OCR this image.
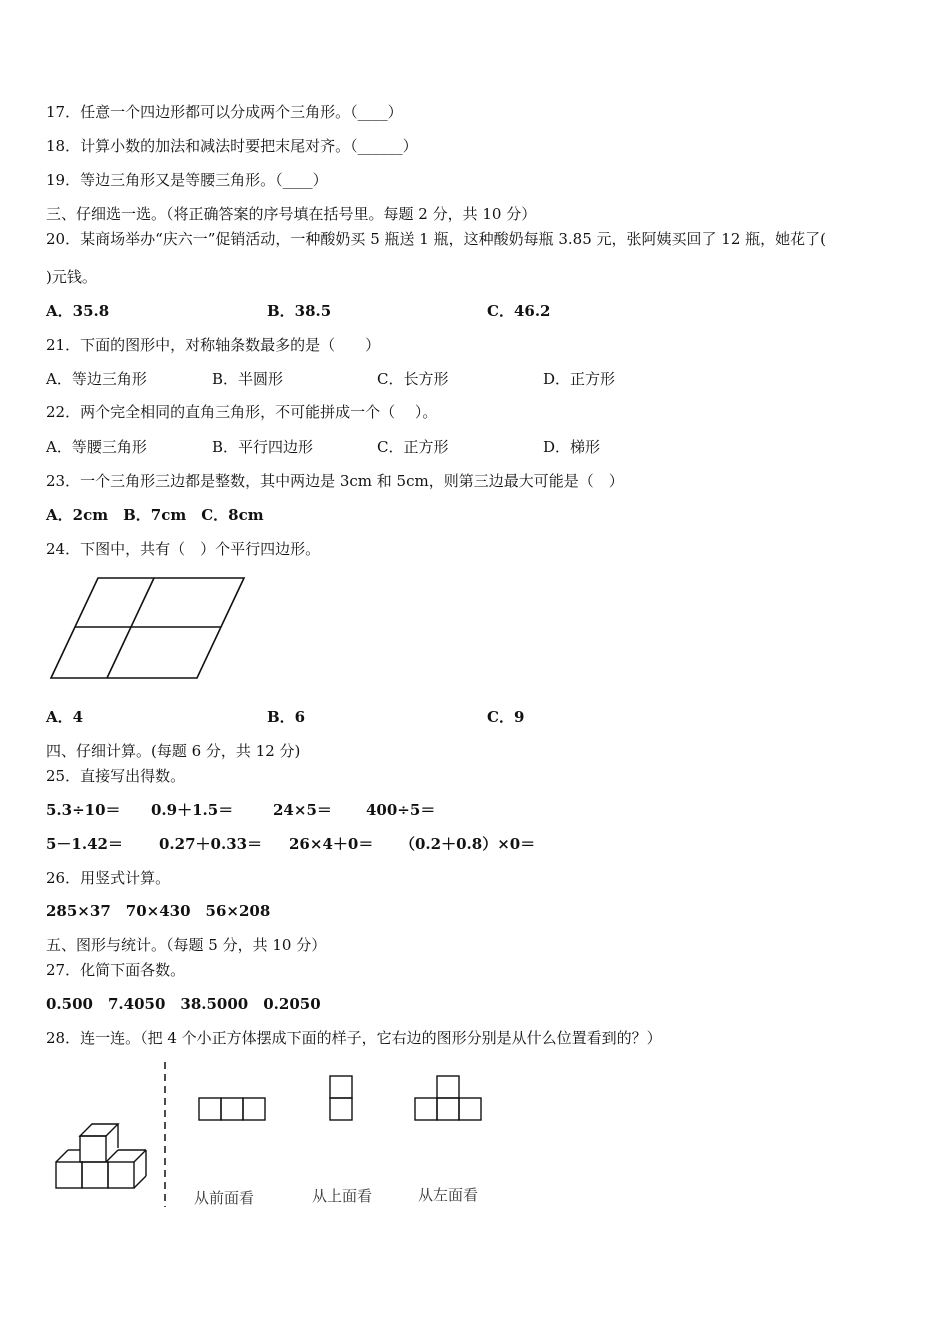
17．任意一个四边形都可以分成两个三角形。（____）
18．计算小数的加法和减法时要把末尾对齐。（______）
19．等边三角形又是等腰三角形。（____）
三、仔细选一选。（将正确答案的序号填在括号里。每题 2 分，共 10 分）
20．某商场举办“庆六一”促销活动，一种酸奶买 5 瓶送 1 瓶，这种酸奶每瓶 3.85 元，张阿姨买回了 12 瓶，她花了(
)元钱。
A．35.8	B．38.5	C．46.2
21．下面的图形中，对称轴条数最多的是（　　）
A．等边三角形	B．半圆形	C．长方形	D．正方形
22．两个完全相同的直角三角形，不可能拼成一个（　 ）。
A．等腰三角形	B．平行四边形	C．正方形	D．梯形
23．一个三角形三边都是整数，其中两边是 3cm 和 5cm，则第三边最大可能是（　）
A．2cm　B．7cm　C．8cm
24．下图中，共有（　）个平行四边形。
A．4	B．6	C．9
四、仔细计算。(每题 6 分，共 12 分)
25．直接写出得数。
5.3÷10＝ 0.9＋1.5＝	24×5＝ 400÷5＝
5－1.42＝ 0.27＋0.33＝ 26×4＋0＝ （0.2＋0.8）×0＝
26．用竖式计算。
285×37　70×430　56×208
五、图形与统计。（每题 5 分，共 10 分）
27．化简下面各数。
0.500　7.4050　38.5000　0.2050
28．连一连。（把 4 个小正方体摆成下面的样子，它右边的图形分别是从什么位置看到的？）
从前面看	从上面看	从左面看
